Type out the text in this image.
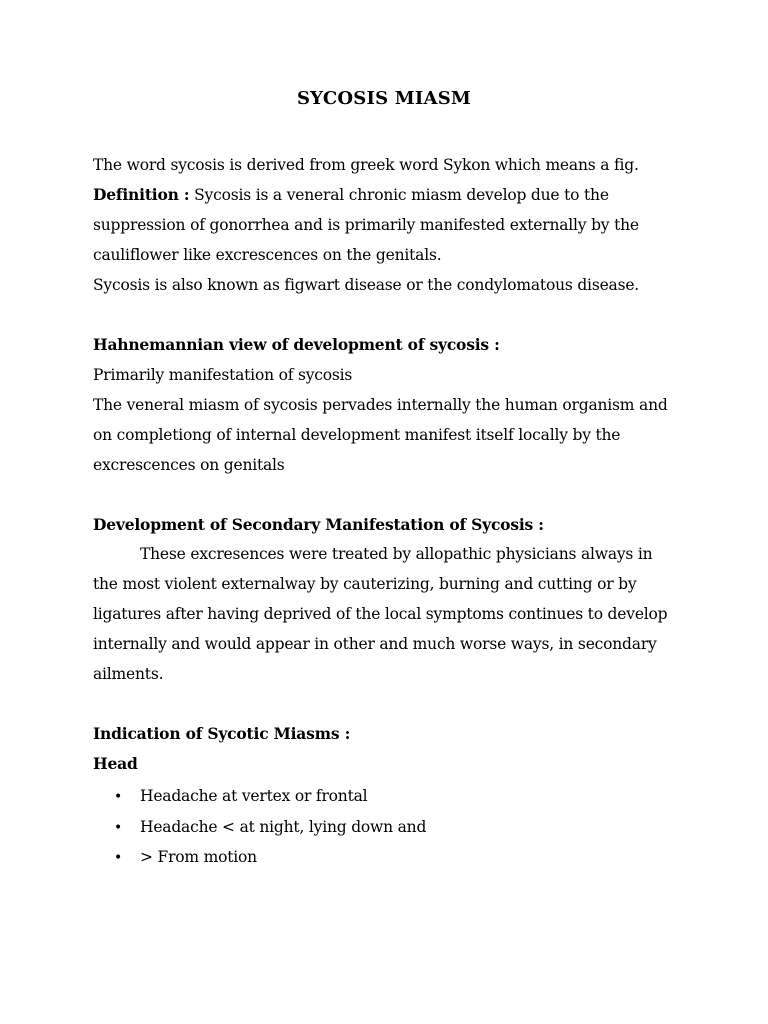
SYCOSIS MIASM
The word sycosis is derived from greek word Sykon which means a fig.
Definition : Sycosis is a veneral chronic miasm develop due to the
suppression of gonorrhea and is primarily manifested externally by the
cauliflower like excrescences on the genitals.
Sycosis is also known as figwart disease or the condylomatous disease.
Hahnemannian view of development of sycosis :
Primarily manifestation of sycosis
The veneral miasm of sycosis pervades internally the human organism and
on completiong of internal development manifest itself locally by the
excrescences on genitals
Development of Secondary Manifestation of Sycosis :
These excresences were treated by allopathic physicians always in
the most violent externalway by cauterizing, burning and cutting or by
ligatures after having deprived of the local symptoms continues to develop
internally and would appear in other and much worse ways, in secondary
ailments.
Indication of Sycotic Miasms :
Head
• Headache at vertex or frontal
• Headache < at night, lying down and
• > From motion
